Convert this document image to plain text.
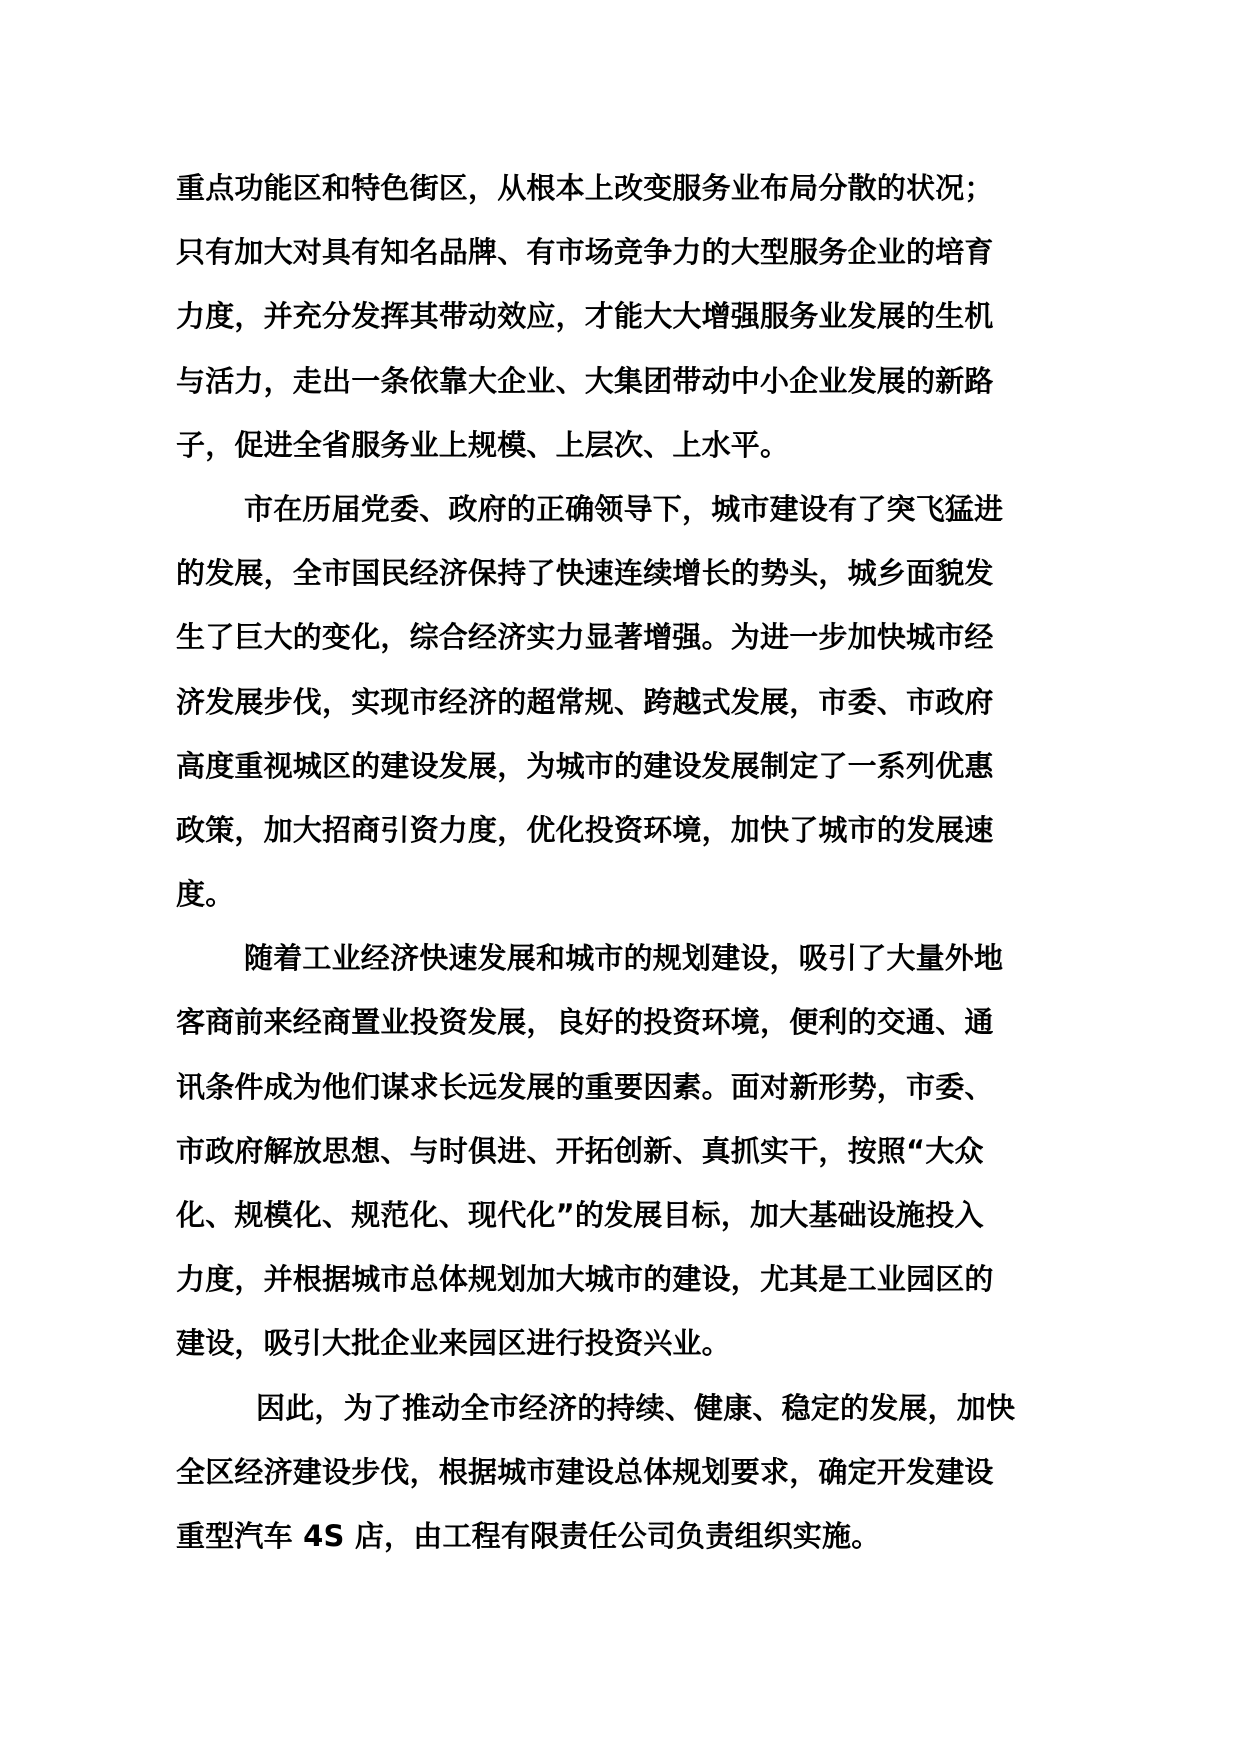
重点功能区和特色街区，从根本上改变服务业布局分散的状况；
只有加大对具有知名品牌、有市场竞争力的大型服务企业的培育
力度，并充分发挥其带动效应，才能大大增强服务业发展的生机
与活力，走出一条依靠大企业、大集团带动中小企业发展的新路
子，促进全省服务业上规模、上层次、上水平。
市在历届党委、政府的正确领导下，城市建设有了突飞猛进
的发展，全市国民经济保持了快速连续增长的势头，城乡面貌发
生了巨大的变化，综合经济实力显著增强。为进一步加快城市经
济发展步伐，实现市经济的超常规、跨越式发展，市委、市政府
高度重视城区的建设发展，为城市的建设发展制定了一系列优惠
政策，加大招商引资力度，优化投资环境，加快了城市的发展速
度。
随着工业经济快速发展和城市的规划建设，吸引了大量外地
客商前来经商置业投资发展，良好的投资环境，便利的交通、通
讯条件成为他们谋求长远发展的重要因素。面对新形势，市委、
市政府解放思想、与时俱进、开拓创新、真抓实干，按照“大众
化、规模化、规范化、现代化”的发展目标，加大基础设施投入
力度，并根据城市总体规划加大城市的建设，尤其是工业园区的
建设，吸引大批企业来园区进行投资兴业。
因此，为了推动全市经济的持续、健康、稳定的发展，加快
全区经济建设步伐，根据城市建设总体规划要求，确定开发建设
重型汽车 4S 店，由工程有限责任公司负责组织实施。
